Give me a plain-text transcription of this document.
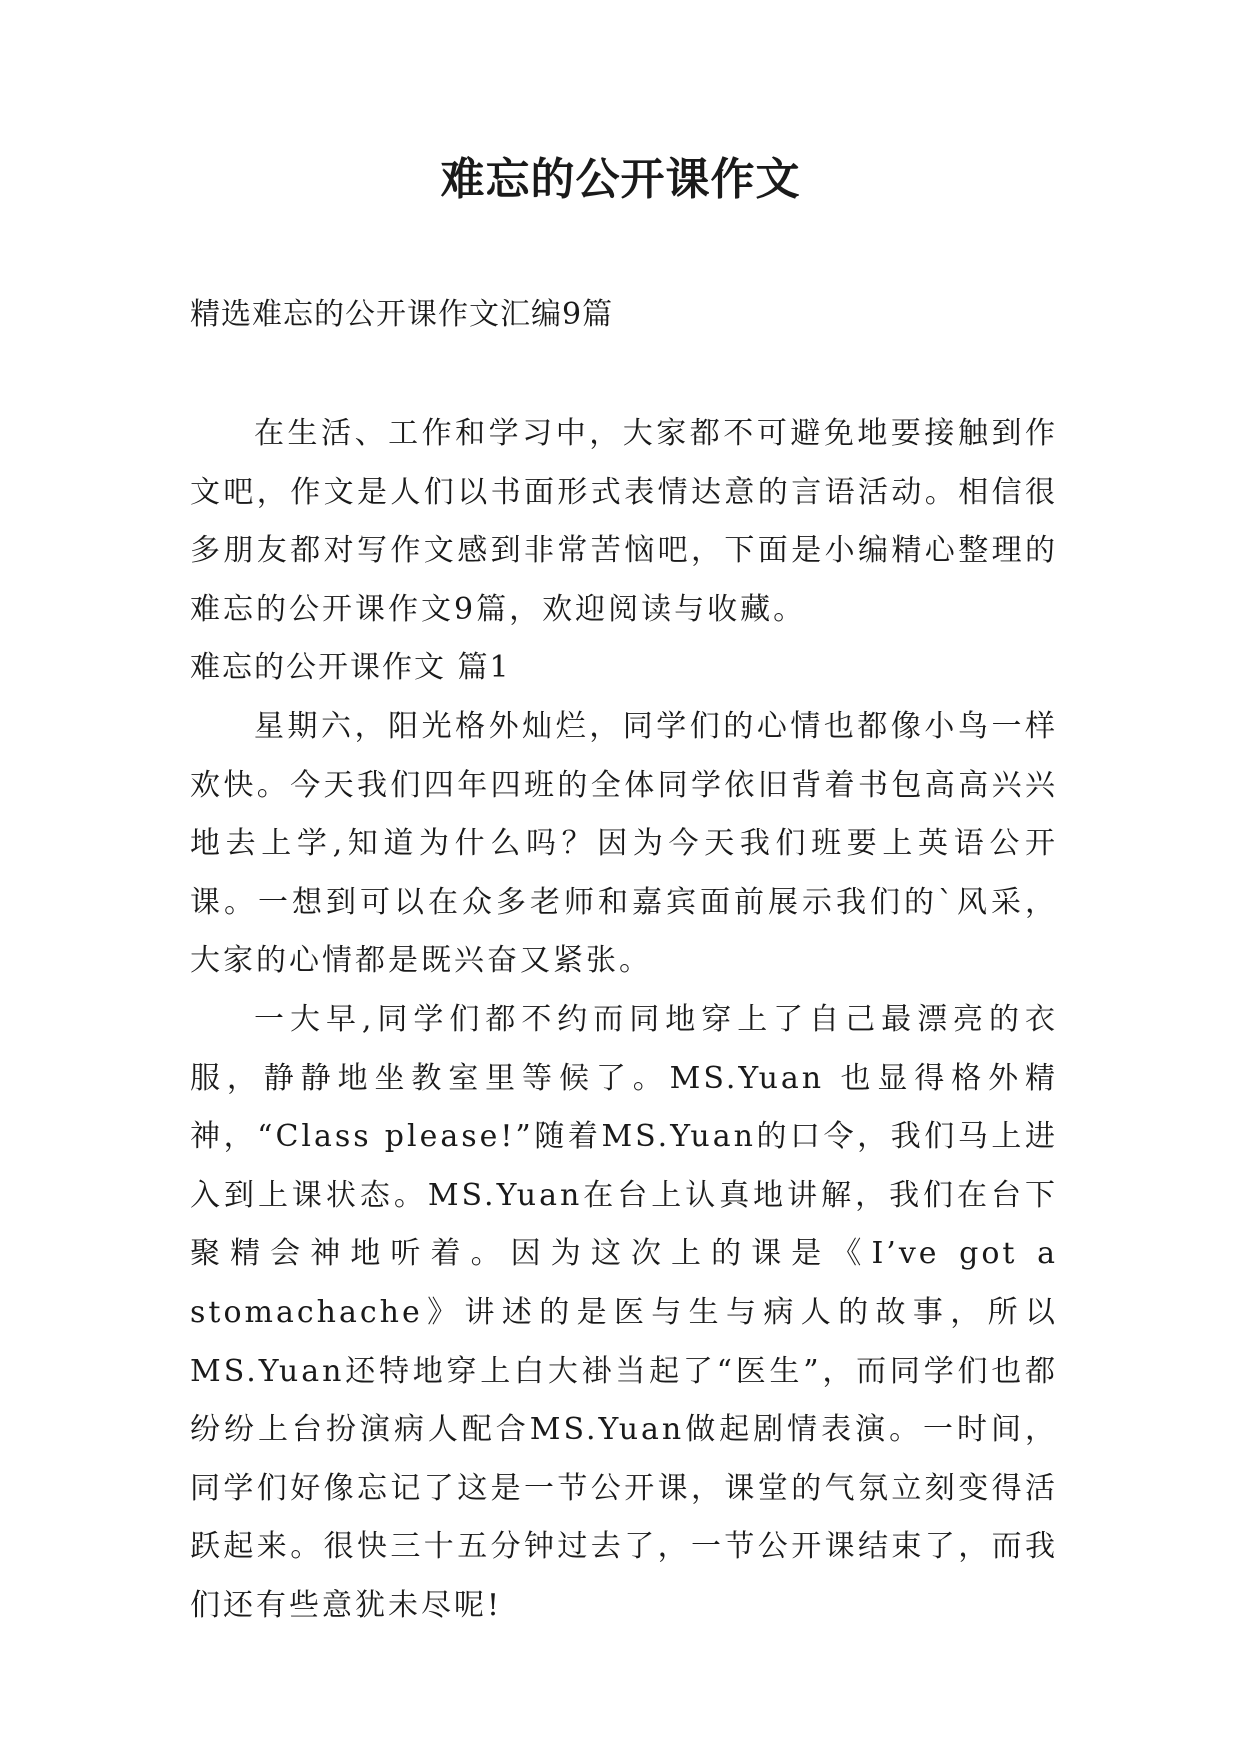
难忘的公开课作文
精选难忘的公开课作文汇编9篇

在生活、工作和学习中，大家都不可避免地要接触到作文吧，作文是人们以书面形式表情达意的言语活动。相信很多朋友都对写作文感到非常苦恼吧，下面是小编精心整理的难忘的公开课作文9篇，欢迎阅读与收藏。

难忘的公开课作文 篇1

星期六，阳光格外灿烂，同学们的心情也都像小鸟一样欢快。今天我们四年四班的全体同学依旧背着书包高高兴兴地去上学,知道为什么吗？因为今天我们班要上英语公开课。一想到可以在众多老师和嘉宾面前展示我们的`风采，大家的心情都是既兴奋又紧张。

一大早,同学们都不约而同地穿上了自己最漂亮的衣服，静静地坐教室里等候了。MS.Yuan 也显得格外精神，“Class please!”随着MS.Yuan的口令，我们马上进入到上课状态。MS.Yuan在台上认真地讲解，我们在台下聚精会神地听着。因为这次上的课是《I’ve got a stomachache》讲述的是医与生与病人的故事，所以MS.Yuan还特地穿上白大褂当起了“医生”，而同学们也都纷纷上台扮演病人配合MS.Yuan做起剧情表演。一时间，同学们好像忘记了这是一节公开课，课堂的气氛立刻变得活跃起来。很快三十五分钟过去了，一节公开课结束了，而我们还有些意犹未尽呢!
